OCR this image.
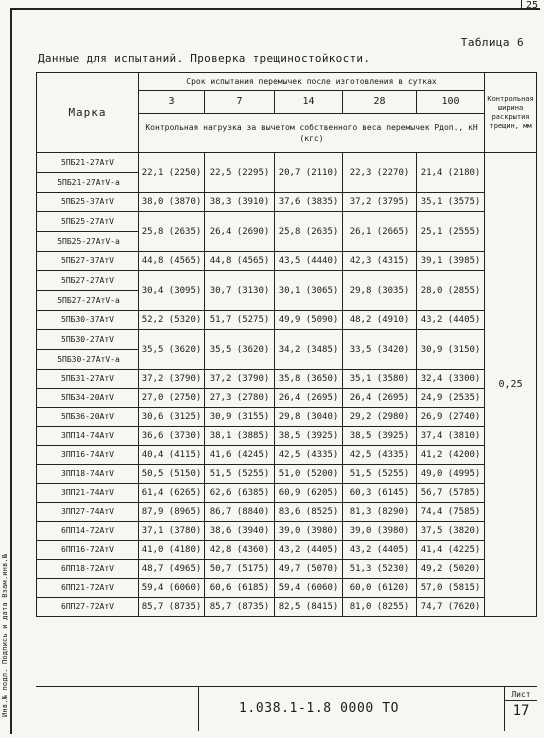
25
Инв.№ подл. Подпись и дата Взам.инв.№
Таблица 6
Данные для испытаний. Проверка трещиностойкости.
Марка	Срок испытания перемычек после изготовления в сутках					Контрольная ширина раскрытия трещин, мм
	3	7	14	28	100	
	Контрольная нагрузка за вычетом собственного веса перемычек Pдоп., кН (кгс)					

5ПБ21-27АтV
5ПБ21-27АтV-а	22,1 (2250)	22,5 (2295)	20,7 (2110)	22,3 (2270)	21,4 (2180)	0,25
5ПБ25-37АтV	38,0 (3870)	38,3 (3910)	37,6 (3835)	37,2 (3795)	35,1 (3575)	

5ПБ25-27АтV
5ПБ25-27АтV-а	25,8 (2635)	26,4 (2690)	25,8 (2635)	26,1 (2665)	25,1 (2555)	
5ПБ27-37АтV	44,8 (4565)	44,8 (4565)	43,5 (4440)	42,3 (4315)	39,1 (3985)	

5ПБ27-27АтV
5ПБ27-27АтV-а	30,4 (3095)	30,7 (3130)	30,1 (3065)	29,8 (3035)	28,0 (2855)	
5ПБ30-37АтV	52,2 (5320)	51,7 (5275)	49,9 (5090)	48,2 (4910)	43,2 (4405)	

5ПБ30-27АтV
5ПБ30-27АтV-а	35,5 (3620)	35,5 (3620)	34,2 (3485)	33,5 (3420)	30,9 (3150)	
5ПБ31-27АтV	37,2 (3790)	37,2 (3790)	35,8 (3650)	35,1 (3580)	32,4 (3300)	
5ПБ34-20АтV	27,0 (2750)	27,3 (2780)	26,4 (2695)	26,4 (2695)	24,9 (2535)	
5ПБ36-20АтV	30,6 (3125)	30,9 (3155)	29,8 (3040)	29,2 (2980)	26,9 (2740)	
3ПП14-74АтV	36,6 (3730)	38,1 (3885)	38,5 (3925)	38,5 (3925)	37,4 (3810)	
3ПП16-74АтV	40,4 (4115)	41,6 (4245)	42,5 (4335)	42,5 (4335)	41,2 (4200)	
3ПП18-74АтV	50,5 (5150)	51,5 (5255)	51,0 (5200)	51,5 (5255)	49,0 (4995)	
3ПП21-74АтV	61,4 (6265)	62,6 (6385)	60,9 (6205)	60,3 (6145)	56,7 (5785)	
3ПП27-74АтV	87,9 (8965)	86,7 (8840)	83,6 (8525)	81,3 (8290)	74,4 (7585)	
6ПП14-72АтV	37,1 (3780)	38,6 (3940)	39,0 (3980)	39,0 (3980)	37,5 (3820)	
6ПП16-72АтV	41,0 (4180)	42,8 (4360)	43,2 (4405)	43,2 (4405)	41,4 (4225)	
6ПП18-72АтV	48,7 (4965)	50,7 (5175)	49,7 (5070)	51,3 (5230)	49,2 (5020)	
6ПП21-72АтV	59,4 (6060)	60,6 (6185)	59,4 (6060)	60,0 (6120)	57,0 (5815)	
6ПП27-72АтV	85,7 (8735)	85,7 (8735)	82,5 (8415)	81,0 (8255)	74,7 (7620)	
1.038.1-1.8 0000 ТО
Лист
17
